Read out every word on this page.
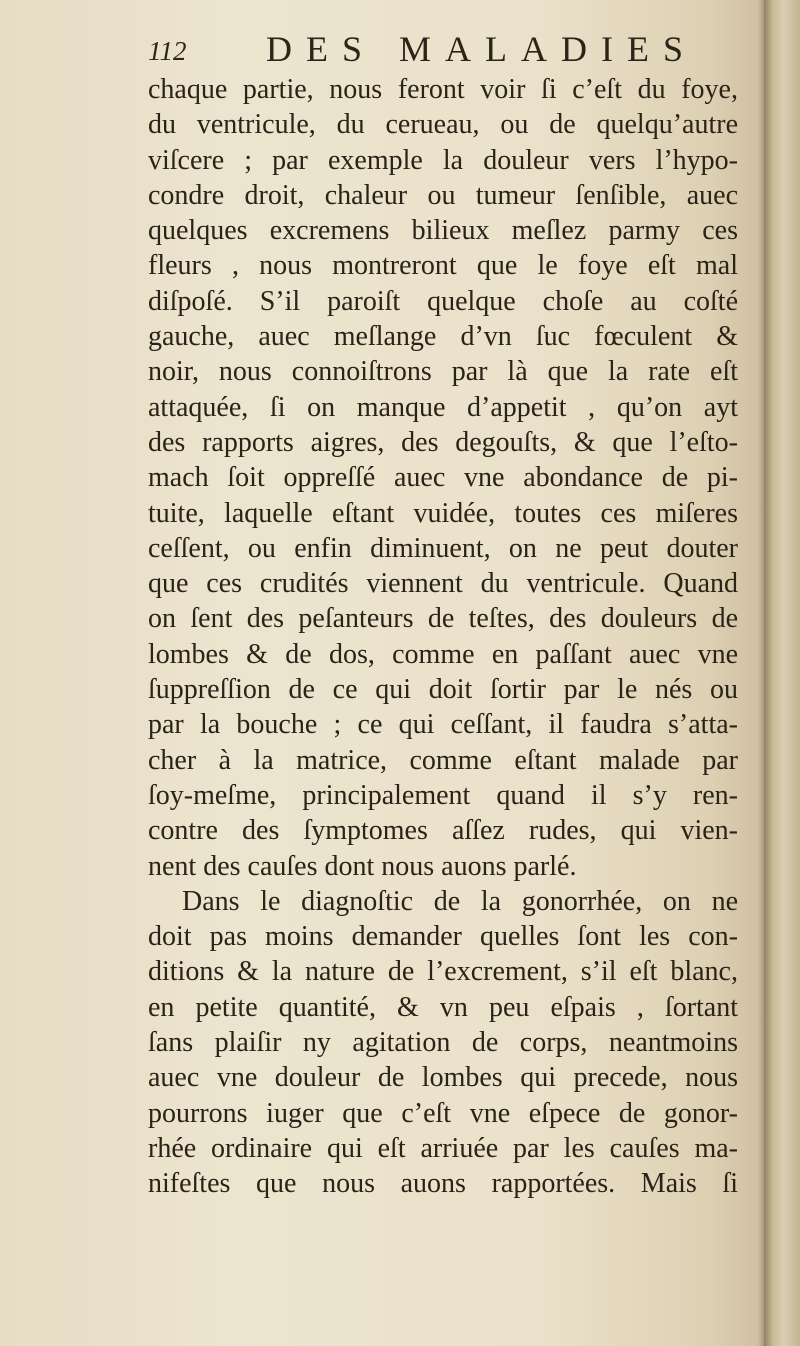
112 DES MALADIES
chaque partie, nous feront voir ſi c’eſt du foye,
du ventricule, du cerueau, ou de quelqu’autre
viſcere ; par exemple la douleur vers l’hypo-
condre droit, chaleur ou tumeur ſenſible, auec
quelques excremens bilieux meſlez parmy ces
fleurs , nous montreront que le foye eſt mal
diſpoſé. S’il paroiſt quelque choſe au coſté
gauche, auec meſlange d’vn ſuc fœculent &
noir, nous connoiſtrons par là que la rate eſt
attaquée, ſi on manque d’appetit , qu’on ayt
des rapports aigres, des degouſts, & que l’eſto-
mach ſoit oppreſſé auec vne abondance de pi-
tuite, laquelle eſtant vuidée, toutes ces miſeres
ceſſent, ou enfin diminuent, on ne peut douter
que ces crudités viennent du ventricule. Quand
on ſent des peſanteurs de teſtes, des douleurs de
lombes & de dos, comme en paſſant auec vne
ſuppreſſion de ce qui doit ſortir par le nés ou
par la bouche ; ce qui ceſſant, il faudra s’atta-
cher à la matrice, comme eſtant malade par
ſoy-meſme, principalement quand il s’y ren-
contre des ſymptomes aſſez rudes, qui vien-
nent des cauſes dont nous auons parlé.
Dans le diagnoſtic de la gonorrhée, on ne
doit pas moins demander quelles ſont les con-
ditions & la nature de l’excrement, s’il eſt blanc,
en petite quantité, & vn peu eſpais , ſortant
ſans plaiſir ny agitation de corps, neantmoins
auec vne douleur de lombes qui precede, nous
pourrons iuger que c’eſt vne eſpece de gonor-
rhée ordinaire qui eſt arriuée par les cauſes ma-
nifeſtes que nous auons rapportées. Mais ſi
